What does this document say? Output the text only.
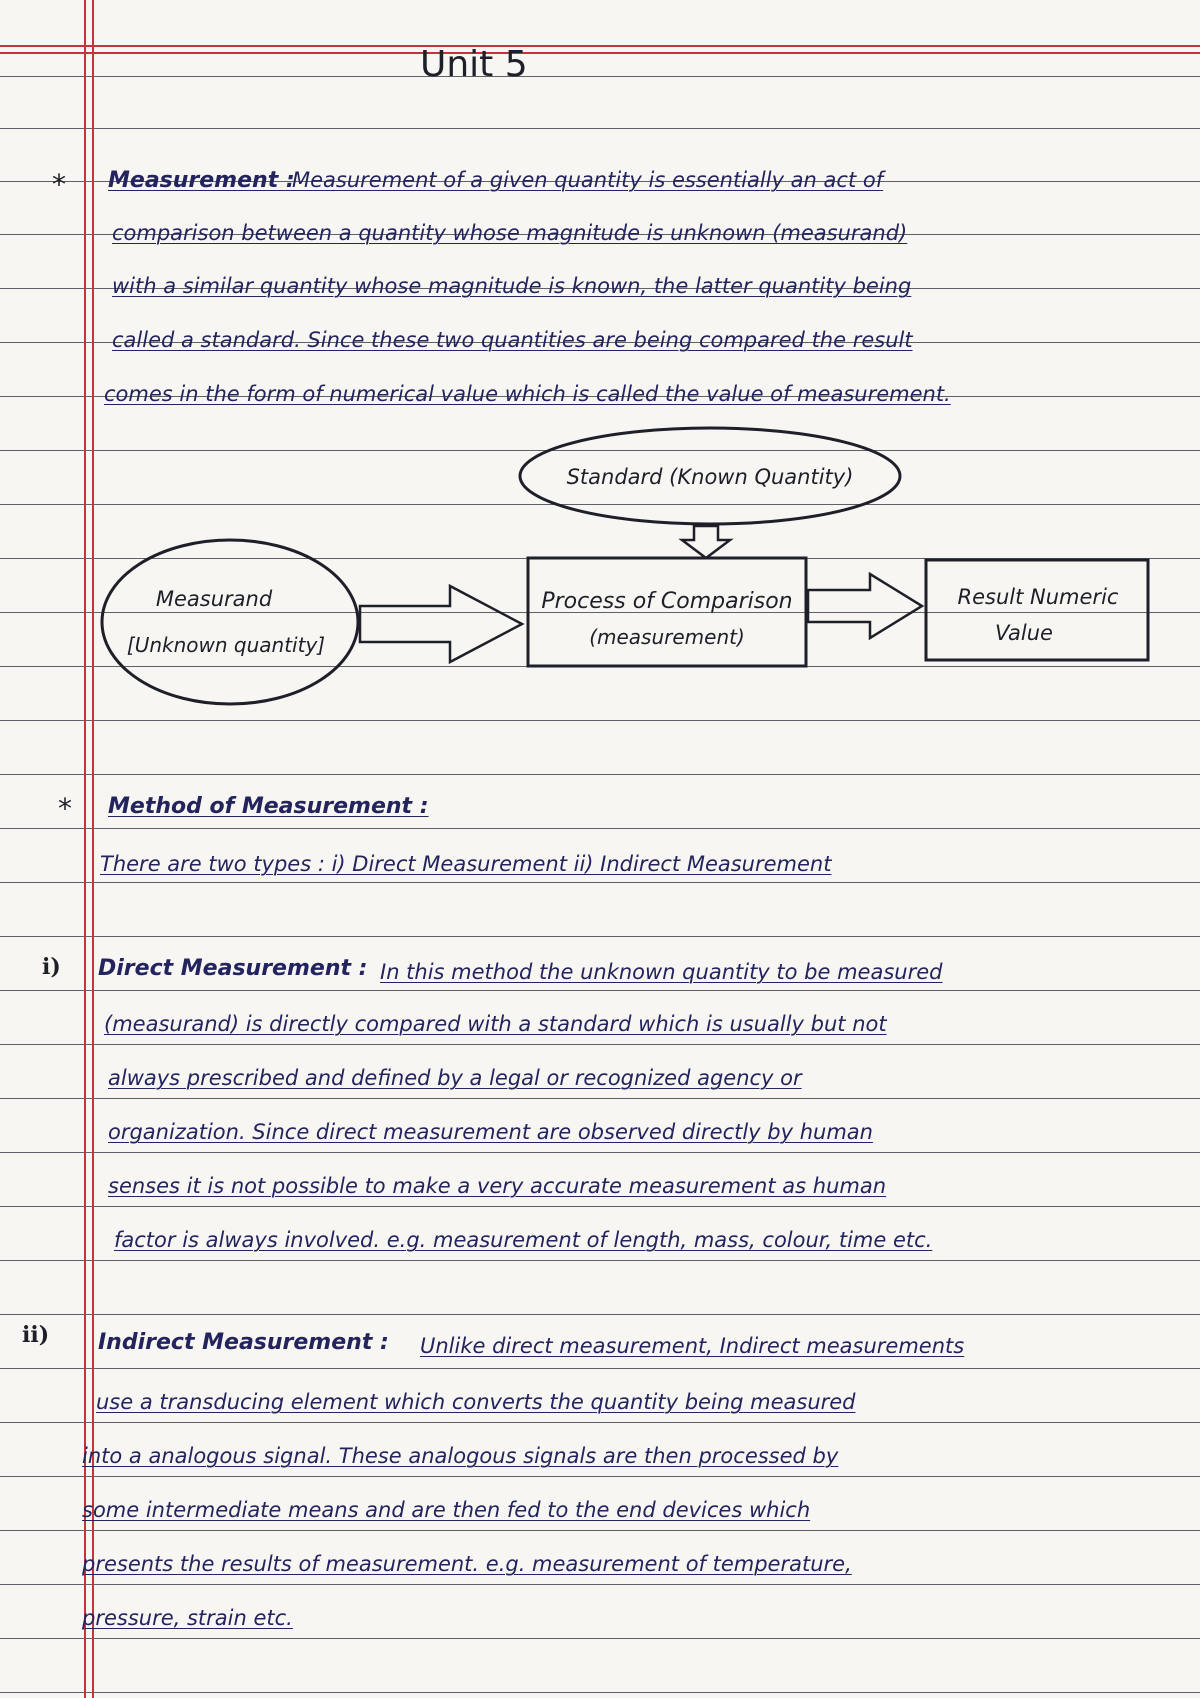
Unit 5
* Measurement :
Measurement of a given quantity is essentially an act of
comparison between a quantity whose magnitude is unknown (measurand)
with a similar quantity whose magnitude is known, the latter quantity being
called a standard. Since these two quantities are being compared the result
comes in the form of numerical value which is called the value of measurement.
Standard (Known Quantity)
Measurand
[Unknown quantity]
Process of Comparison
(measurement)
Result Numeric
Value
* Method of Measurement :
There are two types : i) Direct Measurement ii) Indirect Measurement
i) Direct Measurement : In this method the unknown quantity to be measured
(measurand) is directly compared with a standard which is usually but not
always prescribed and defined by a legal or recognized agency or
organization. Since direct measurement are observed directly by human
senses it is not possible to make a very accurate measurement as human
factor is always involved. e.g. measurement of length, mass, colour, time etc.
ii) Indirect Measurement : Unlike direct measurement, Indirect measurements
use a transducing element which converts the quantity being measured
into a analogous signal. These analogous signals are then processed by
some intermediate means and are then fed to the end devices which
presents the results of measurement. e.g. measurement of temperature,
pressure, strain etc.
